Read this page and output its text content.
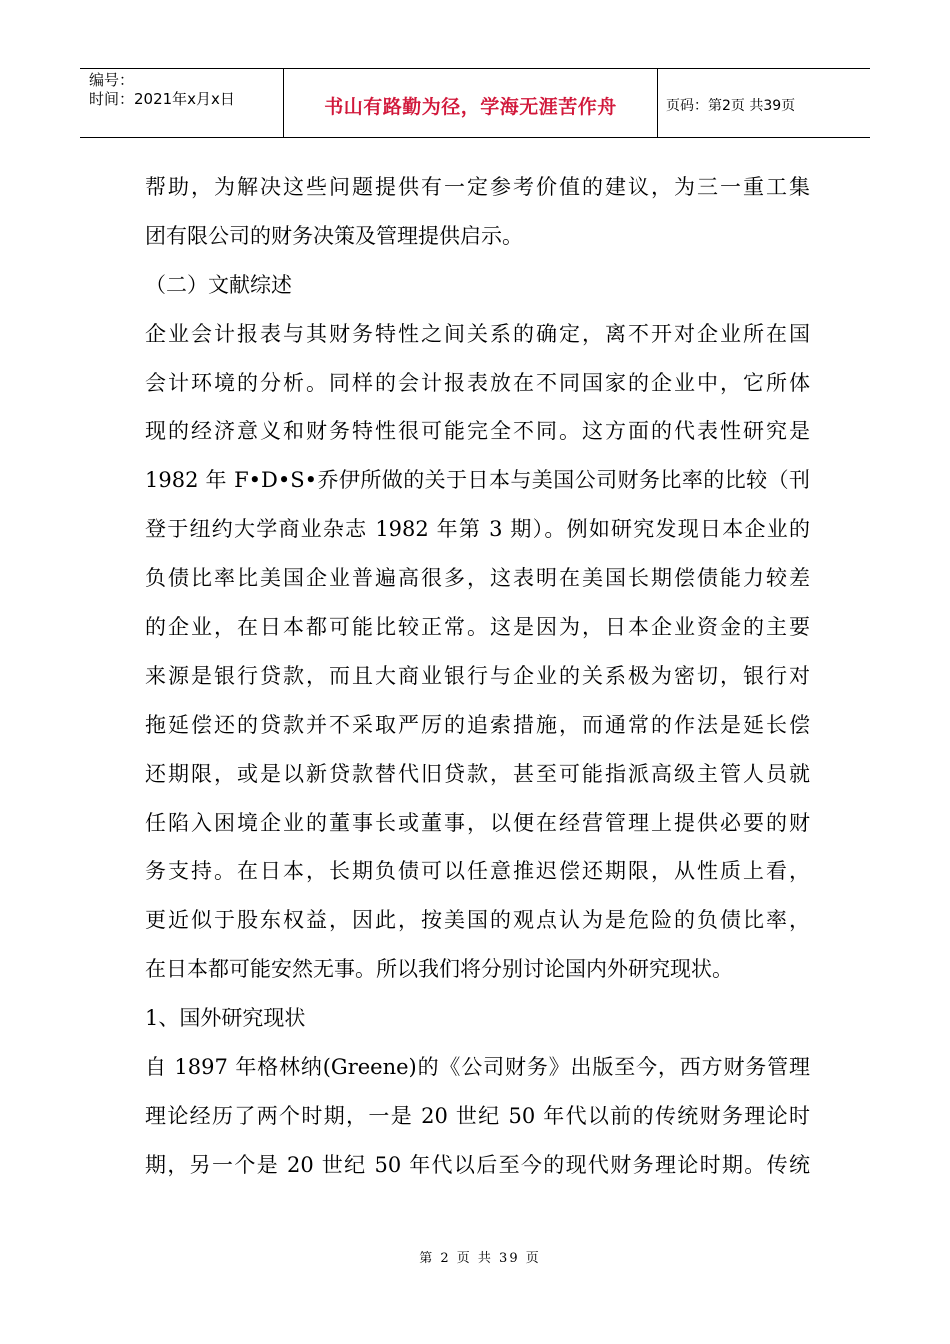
编号：
时间：2021年x月x日	书山有路勤为径，学海无涯苦作舟	页码：第2页 共39页
帮助，为解决这些问题提供有一定参考价值的建议，为三一重工集
团有限公司的财务决策及管理提供启示。
（二）文献综述
企业会计报表与其财务特性之间关系的确定，离不开对企业所在国
会计环境的分析。同样的会计报表放在不同国家的企业中，它所体
现的经济意义和财务特性很可能完全不同。这方面的代表性研究是
1982 年 F•D•S•乔伊所做的关于日本与美国公司财务比率的比较（刊
登于纽约大学商业杂志 1982 年第 3 期）。例如研究发现日本企业的
负债比率比美国企业普遍高很多，这表明在美国长期偿债能力较差
的企业，在日本都可能比较正常。这是因为，日本企业资金的主要
来源是银行贷款，而且大商业银行与企业的关系极为密切，银行对
拖延偿还的贷款并不采取严厉的追索措施，而通常的作法是延长偿
还期限，或是以新贷款替代旧贷款，甚至可能指派高级主管人员就
任陷入困境企业的董事长或董事，以便在经营管理上提供必要的财
务支持。在日本，长期负债可以任意推迟偿还期限，从性质上看，
更近似于股东权益，因此，按美国的观点认为是危险的负债比率，
在日本都可能安然无事。所以我们将分别讨论国内外研究现状。
1、国外研究现状
自 1897 年格林纳(Greene)的《公司财务》出版至今，西方财务管理
理论经历了两个时期，一是 20 世纪 50 年代以前的传统财务理论时
期，另一个是 20 世纪 50 年代以后至今的现代财务理论时期。传统
第 2 页 共 39 页
